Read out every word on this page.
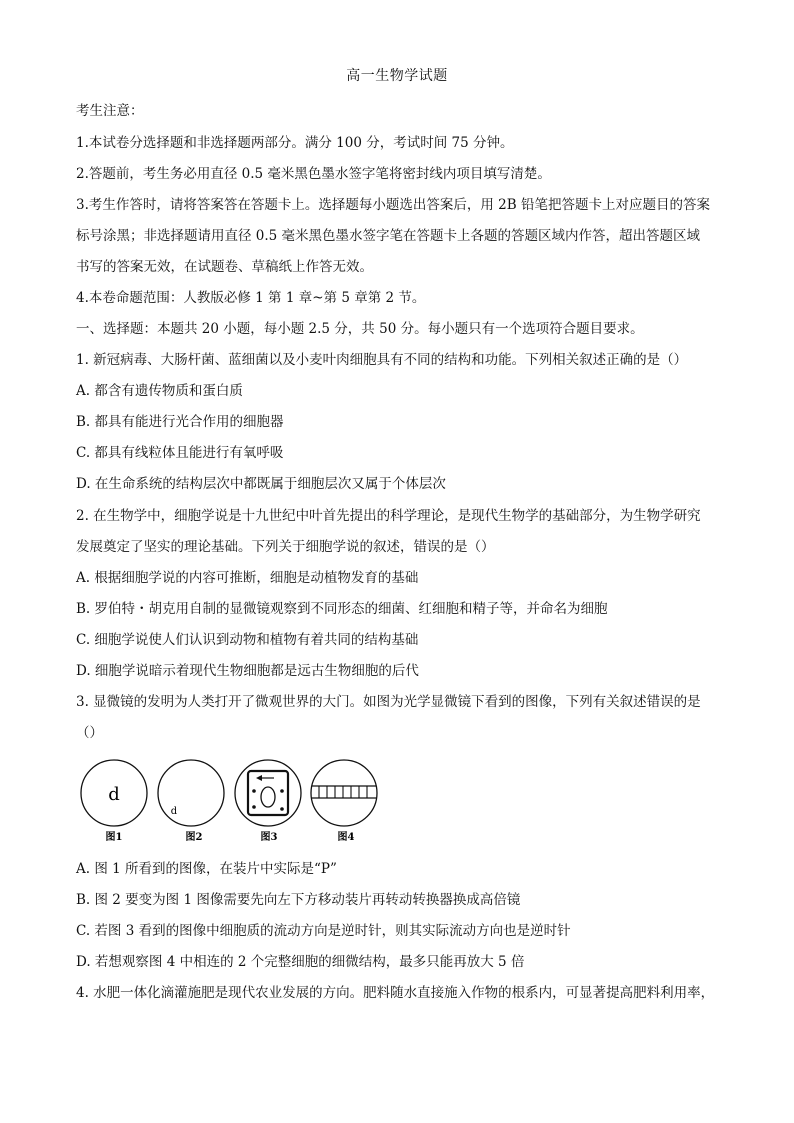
高一生物学试题
考生注意：
1.本试卷分选择题和非选择题两部分。满分 100 分，考试时间 75 分钟。
2.答题前，考生务必用直径 0.5 毫米黑色墨水签字笔将密封线内项目填写清楚。
3.考生作答时，请将答案答在答题卡上。选择题每小题选出答案后，用 2B 铅笔把答题卡上对应题目的答案
标号涂黑；非选择题请用直径 0.5 毫米黑色墨水签字笔在答题卡上各题的答题区域内作答，超出答题区域
书写的答案无效，在试题卷、草稿纸上作答无效。
4.本卷命题范围：人教版必修 1 第 1 章~第 5 章第 2 节。
一、选择题：本题共 20 小题，每小题 2.5 分，共 50 分。每小题只有一个选项符合题目要求。
1. 新冠病毒、大肠杆菌、蓝细菌以及小麦叶肉细胞具有不同的结构和功能。下列相关叙述正确的是（）
A. 都含有遗传物质和蛋白质
B. 都具有能进行光合作用的细胞器
C. 都具有线粒体且能进行有氧呼吸
D. 在生命系统的结构层次中都既属于细胞层次又属于个体层次
2. 在生物学中，细胞学说是十九世纪中叶首先提出的科学理论，是现代生物学的基础部分，为生物学研究
发展奠定了坚实的理论基础。下列关于细胞学说的叙述，错误的是（）
A. 根据细胞学说的内容可推断，细胞是动植物发育的基础
B. 罗伯特・胡克用自制的显微镜观察到不同形态的细菌、红细胞和精子等，并命名为细胞
C. 细胞学说使人们认识到动物和植物有着共同的结构基础
D. 细胞学说暗示着现代生物细胞都是远古生物细胞的后代
3. 显微镜的发明为人类打开了微观世界的大门。如图为光学显微镜下看到的图像，下列有关叙述错误的是
（）
d
图1
d
图2	图3	图4
A. 图 1 所看到的图像，在装片中实际是“P”
B. 图 2 要变为图 1 图像需要先向左下方移动装片再转动转换器换成高倍镜
C. 若图 3 看到的图像中细胞质的流动方向是逆时针，则其实际流动方向也是逆时针
D. 若想观察图 4 中相连的 2 个完整细胞的细微结构，最多只能再放大 5 倍
4. 水肥一体化滴灌施肥是现代农业发展的方向。肥料随水直接施入作物的根系内，可显著提高肥料利用率，
